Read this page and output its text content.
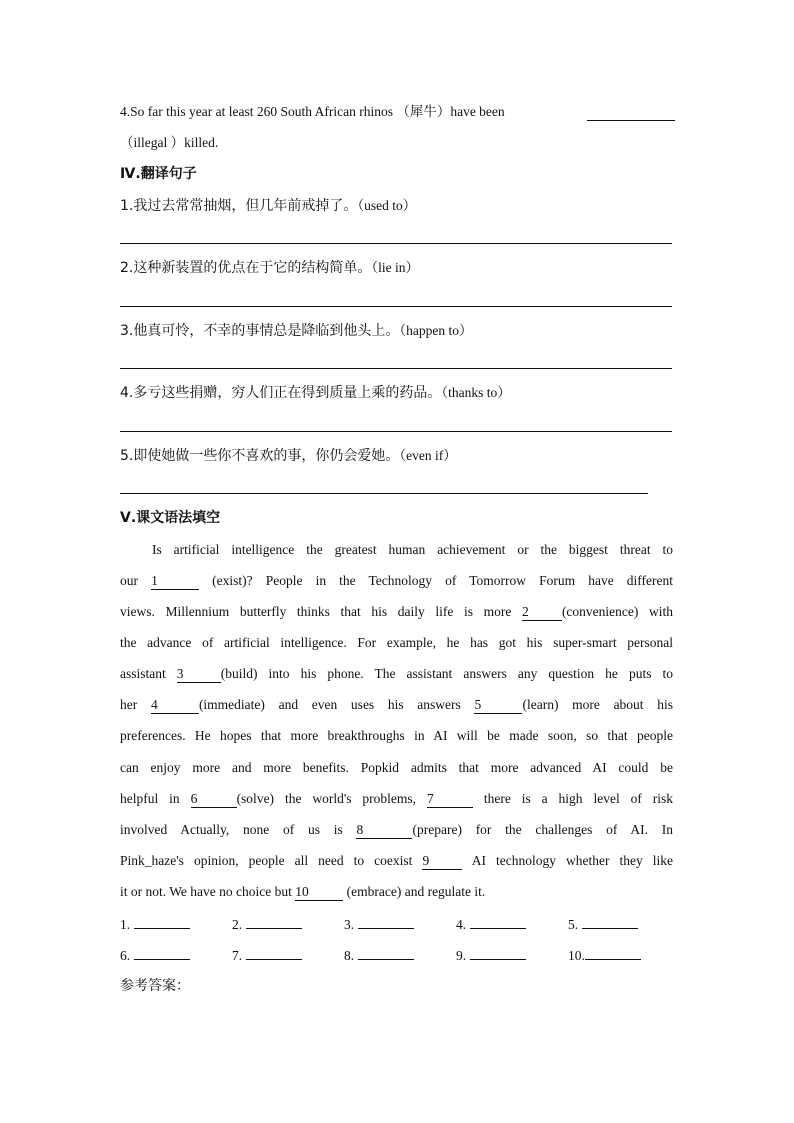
4.So far this year at least 260 South African rhinos （犀牛）have been

（illegal ）killed.
Ⅳ.翻译句子
1.我过去常常抽烟，但几年前戒掉了。（used to）
2.这种新装置的优点在于它的结构简单。（lie in）
3.他真可怜，不幸的事情总是降临到他头上。（happen to）
4.多亏这些捐赠，穷人们正在得到质量上乘的药品。（thanks to）
5.即使她做一些你不喜欢的事，你仍会爱她。（even if）
Ⅴ.课文语法填空
Is artificial intelligence the greatest human achievement or the biggest threat to
our 1	(exist)? People in the Technology of Tomorrow Forum have different
views. Millennium butterfly thinks that his daily life is more 2 (convenience) with
the advance of artificial intelligence. For example, he has got his super-smart personal
assistant 3	(build) into his phone. The assistant answers any question he puts to
her 4	(immediate) and even uses his answers 5	(learn) more about his
preferences. He hopes that more breakthroughs in AI will be made soon, so that people
can enjoy more and more benefits. Popkid admits that more advanced AI could be
helpful in 6	(solve) the world's problems, 7	there is a high level of risk
involved Actually, none of us is 8	(prepare) for the challenges of AI. In
Pink_haze's opinion, people all need to coexist 9 AI technology whether they like
it or not. We have no choice but 10	(embrace) and regulate it.
1.	2.	3.	4.	5.
6.	7.	8.	9.	10.
参考答案：
